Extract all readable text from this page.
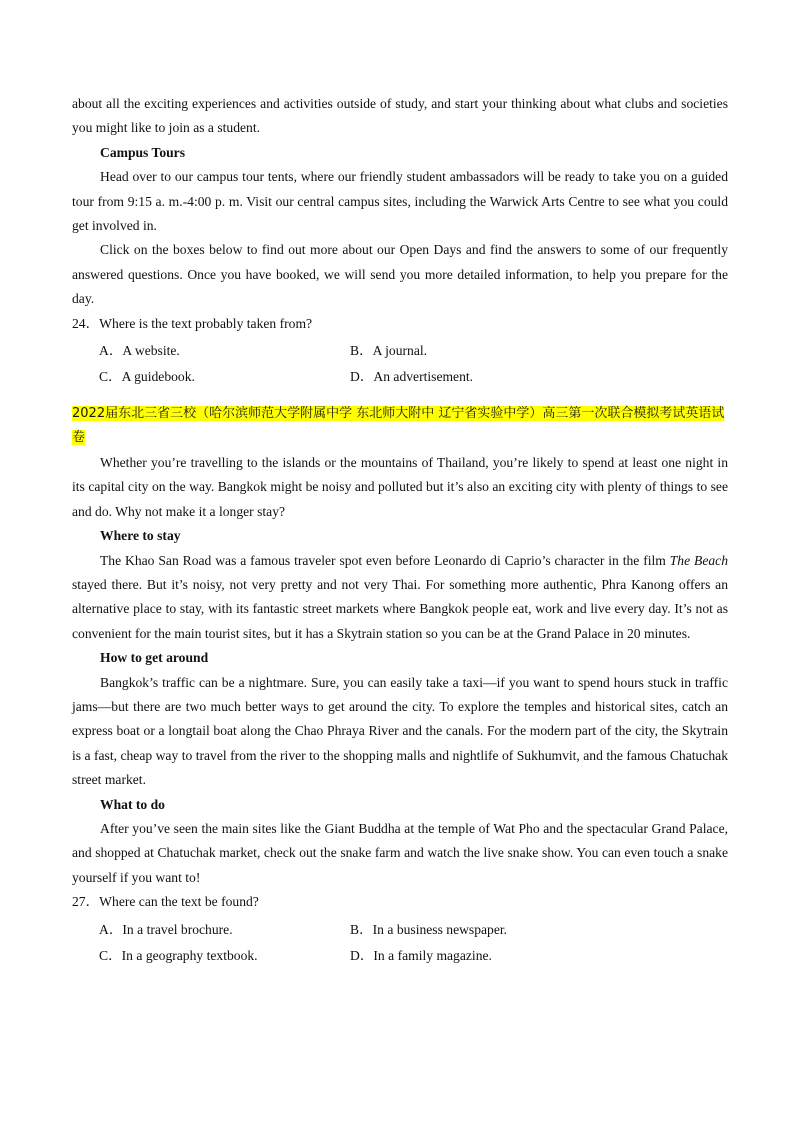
about all the exciting experiences and activities outside of study, and start your thinking about what clubs and societies you might like to join as a student.

Campus Tours

Head over to our campus tour tents, where our friendly student ambassadors will be ready to take you on a guided tour from 9:15 a. m.-4:00 p. m. Visit our central campus sites, including the Warwick Arts Centre to see what you could get involved in.

Click on the boxes below to find out more about our Open Days and find the answers to some of our frequently answered questions. Once you have booked, we will send you more detailed information, to help you prepare for the day.

24．Where is the text probably taken from?
A．A website.	B．A journal.
C．A guidebook.	D．An advertisement.

2022届东北三省三校（哈尔滨师范大学附属中学 东北师大附中 辽宁省实验中学）高三第一次联合模拟考试英语试卷

Whether you’re travelling to the islands or the mountains of Thailand, you’re likely to spend at least one night in its capital city on the way. Bangkok might be noisy and polluted but it’s also an exciting city with plenty of things to see and do. Why not make it a longer stay?

Where to stay

The Khao San Road was a famous traveler spot even before Leonardo di Caprio’s character in the film The Beach stayed there. But it’s noisy, not very pretty and not very Thai. For something more authentic, Phra Kanong offers an alternative place to stay, with its fantastic street markets where Bangkok people eat, work and live every day. It’s not as convenient for the main tourist sites, but it has a Skytrain station so you can be at the Grand Palace in 20 minutes.

How to get around

Bangkok’s traffic can be a nightmare. Sure, you can easily take a taxi—if you want to spend hours stuck in traffic jams—but there are two much better ways to get around the city. To explore the temples and historical sites, catch an express boat or a longtail boat along the Chao Phraya River and the canals. For the modern part of the city, the Skytrain is a fast, cheap way to travel from the river to the shopping malls and nightlife of Sukhumvit, and the famous Chatuchak street market.

What to do

After you’ve seen the main sites like the Giant Buddha at the temple of Wat Pho and the spectacular Grand Palace, and shopped at Chatuchak market, check out the snake farm and watch the live snake show. You can even touch a snake yourself if you want to!

27．Where can the text be found?
A．In a travel brochure.	B．In a business newspaper.
C．In a geography textbook.	D．In a family magazine.
